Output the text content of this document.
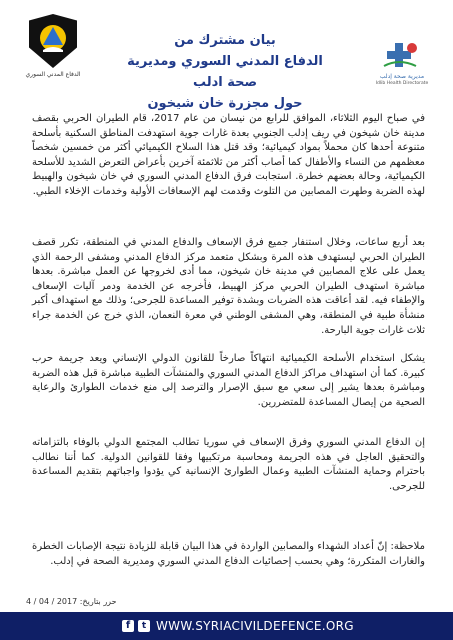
الدفاع المدني السوري
بيان مشترك من
الدفاع المدني السوري ومديرية صحة ادلب
حول مجزرة خان شيخون
مديرية صحة إدلب
Idlib Health Directorate

في صباح اليوم الثلاثاء، الموافق للرابع من نيسان من عام 2017، قام الطيران الحربي بقصف مدينة خان شيخون في ريف إدلب الجنوبي بعدة غارات جوية استهدفت المناطق السكنية بأسلحة متنوعة أحدها كان محملاً بمواد كيميائية؛ وقد قتل هذا السلاح الكيميائي أكثر من خمسين شخصاً معظمهم من النساء والأطفال كما أصاب أكثر من ثلاثمئة آخرين بأعراض التعرض الشديد للأسلحة الكيميائية، وحالة بعضهم خطرة. استجابت فرق الدفاع المدني السوري في خان شيخون والهبيط لهذه الضربة وطهرت المصابين من التلوث وقدمت لهم الإسعافات الأولية وخدمات الإخلاء الطبي.

بعد أربع ساعات، وخلال استنفار جميع فرق الإسعاف والدفاع المدني في المنطقة، تكرر قصف الطيران الحربي ليستهدف هذه المرة وبشكل متعمد مركز الدفاع المدني ومشفى الرحمة الذي يعمل على علاج المصابين في مدينة خان شيخون، مما أدى لخروجها عن العمل مباشرة. بعدها مباشرة استهدف الطيران الحربي مركز الهبيط، فأخرجه عن الخدمة ودمر آليات الإسعاف والإطفاء فيه. لقد أعاقت هذه الضربات وبشدة توفير المساعدة للجرحى؛ وذلك مع استهداف أكبر منشأة طبية في المنطقة، وهي المشفى الوطني في معرة النعمان، الذي خرج عن الخدمة جراء ثلاث غارات جوية البارحة.

يشكل استخدام الأسلحة الكيميائية انتهاكاً صارخاً للقانون الدولي الإنساني ويعد جريمة حرب كبيرة. كما أن استهداف مراكز الدفاع المدني السوري والمنشآت الطبية مباشرة قبل هذه الضربة ومباشرة بعدها يشير إلى سعي مع سبق الإصرار والترصد إلى منع خدمات الطوارئ والرعاية الصحية من إيصال المساعدة للمتضررين.

إن الدفاع المدني السوري وفرق الإسعاف في سوريا تطالب المجتمع الدولي بالوفاء بالتزاماته والتحقيق العاجل في هذه الجريمة ومحاسبة مرتكبيها وفقا للقوانين الدولية. كما أننا نطالب باحترام وحماية المنشآت الطبية وعمال الطوارئ الإنسانية كي يؤدوا واجباتهم بتقديم المساعدة للجرحى.

ملاحظة: إنّ أعداد الشهداء والمصابين الواردة في هذا البيان قابلة للزيادة نتيجة الإصابات الخطرة والغارات المتكررة؛ وهي بحسب إحصائيات الدفاع المدني السوري ومديرية الصحة في إدلب.

حرر بتاريخ: 2017 / 04 / 4
f	t WWW.SYRIACIVILDEFENCE.ORG
